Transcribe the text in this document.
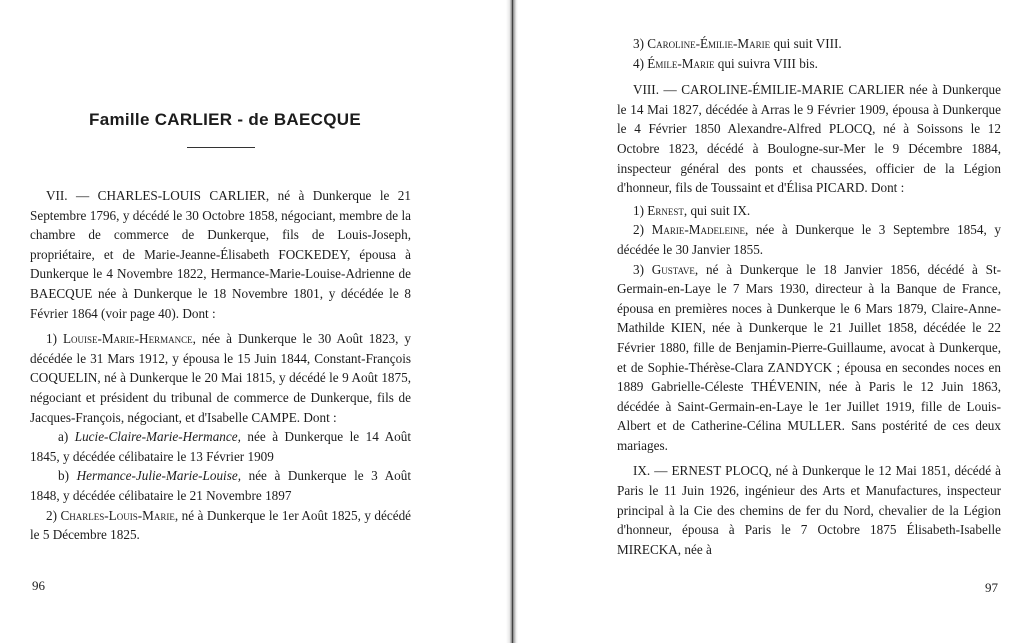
Famille CARLIER - de BAECQUE

VII. — CHARLES-LOUIS CARLIER, né à Dunkerque le 21 Septembre 1796, y décédé le 30 Octobre 1858, négociant, membre de la chambre de commerce de Dunkerque, fils de Louis-Joseph, propriétaire, et de Marie-Jeanne-Élisabeth FOCKEDEY, épousa à Dunkerque le 4 Novembre 1822, Hermance-Marie-Louise-Adrienne de BAECQUE née à Dunkerque le 18 Novembre 1801, y décédée le 8 Février 1864 (voir page 40). Dont :

1) Louise-Marie-Hermance, née à Dunkerque le 30 Août 1823, y décédée le 31 Mars 1912, y épousa le 15 Juin 1844, Constant-François COQUELIN, né à Dunkerque le 20 Mai 1815, y décédé le 9 Août 1875, négociant et président du tribunal de commerce de Dunkerque, fils de Jacques-François, négociant, et d'Isabelle CAMPE. Dont :

a) Lucie-Claire-Marie-Hermance, née à Dunkerque le 14 Août 1845, y décédée célibataire le 13 Février 1909

b) Hermance-Julie-Marie-Louise, née à Dunkerque le 3 Août 1848, y décédée célibataire le 21 Novembre 1897

2) Charles-Louis-Marie, né à Dunkerque le 1er Août 1825, y décédé le 5 Décembre 1825.

96

3) Caroline-Émilie-Marie qui suit VIII.

4) Émile-Marie qui suivra VIII bis.

VIII. — CAROLINE-ÉMILIE-MARIE CARLIER née à Dunkerque le 14 Mai 1827, décédée à Arras le 9 Février 1909, épousa à Dunkerque le 4 Février 1850 Alexandre-Alfred PLOCQ, né à Soissons le 12 Octobre 1823, décédé à Boulogne-sur-Mer le 9 Décembre 1884, inspecteur général des ponts et chaussées, officier de la Légion d'honneur, fils de Toussaint et d'Élisa PICARD. Dont :

1) Ernest, qui suit IX.

2) Marie-Madeleine, née à Dunkerque le 3 Septembre 1854, y décédée le 30 Janvier 1855.

3) Gustave, né à Dunkerque le 18 Janvier 1856, décédé à St-Germain-en-Laye le 7 Mars 1930, directeur à la Banque de France, épousa en premières noces à Dunkerque le 6 Mars 1879, Claire-Anne-Mathilde KIEN, née à Dunkerque le 21 Juillet 1858, décédée le 22 Février 1880, fille de Benjamin-Pierre-Guillaume, avocat à Dunkerque, et de Sophie-Thérèse-Clara ZANDYCK ; épousa en secondes noces en 1889 Gabrielle-Céleste THÉVENIN, née à Paris le 12 Juin 1863, décédée à Saint-Germain-en-Laye le 1er Juillet 1919, fille de Louis-Albert et de Catherine-Célina MULLER. Sans postérité de ces deux mariages.

IX. — ERNEST PLOCQ, né à Dunkerque le 12 Mai 1851, décédé à Paris le 11 Juin 1926, ingénieur des Arts et Manufactures, inspecteur principal à la Cie des chemins de fer du Nord, chevalier de la Légion d'honneur, épousa à Paris le 7 Octobre 1875 Élisabeth-Isabelle MIRECKA, née à

97
